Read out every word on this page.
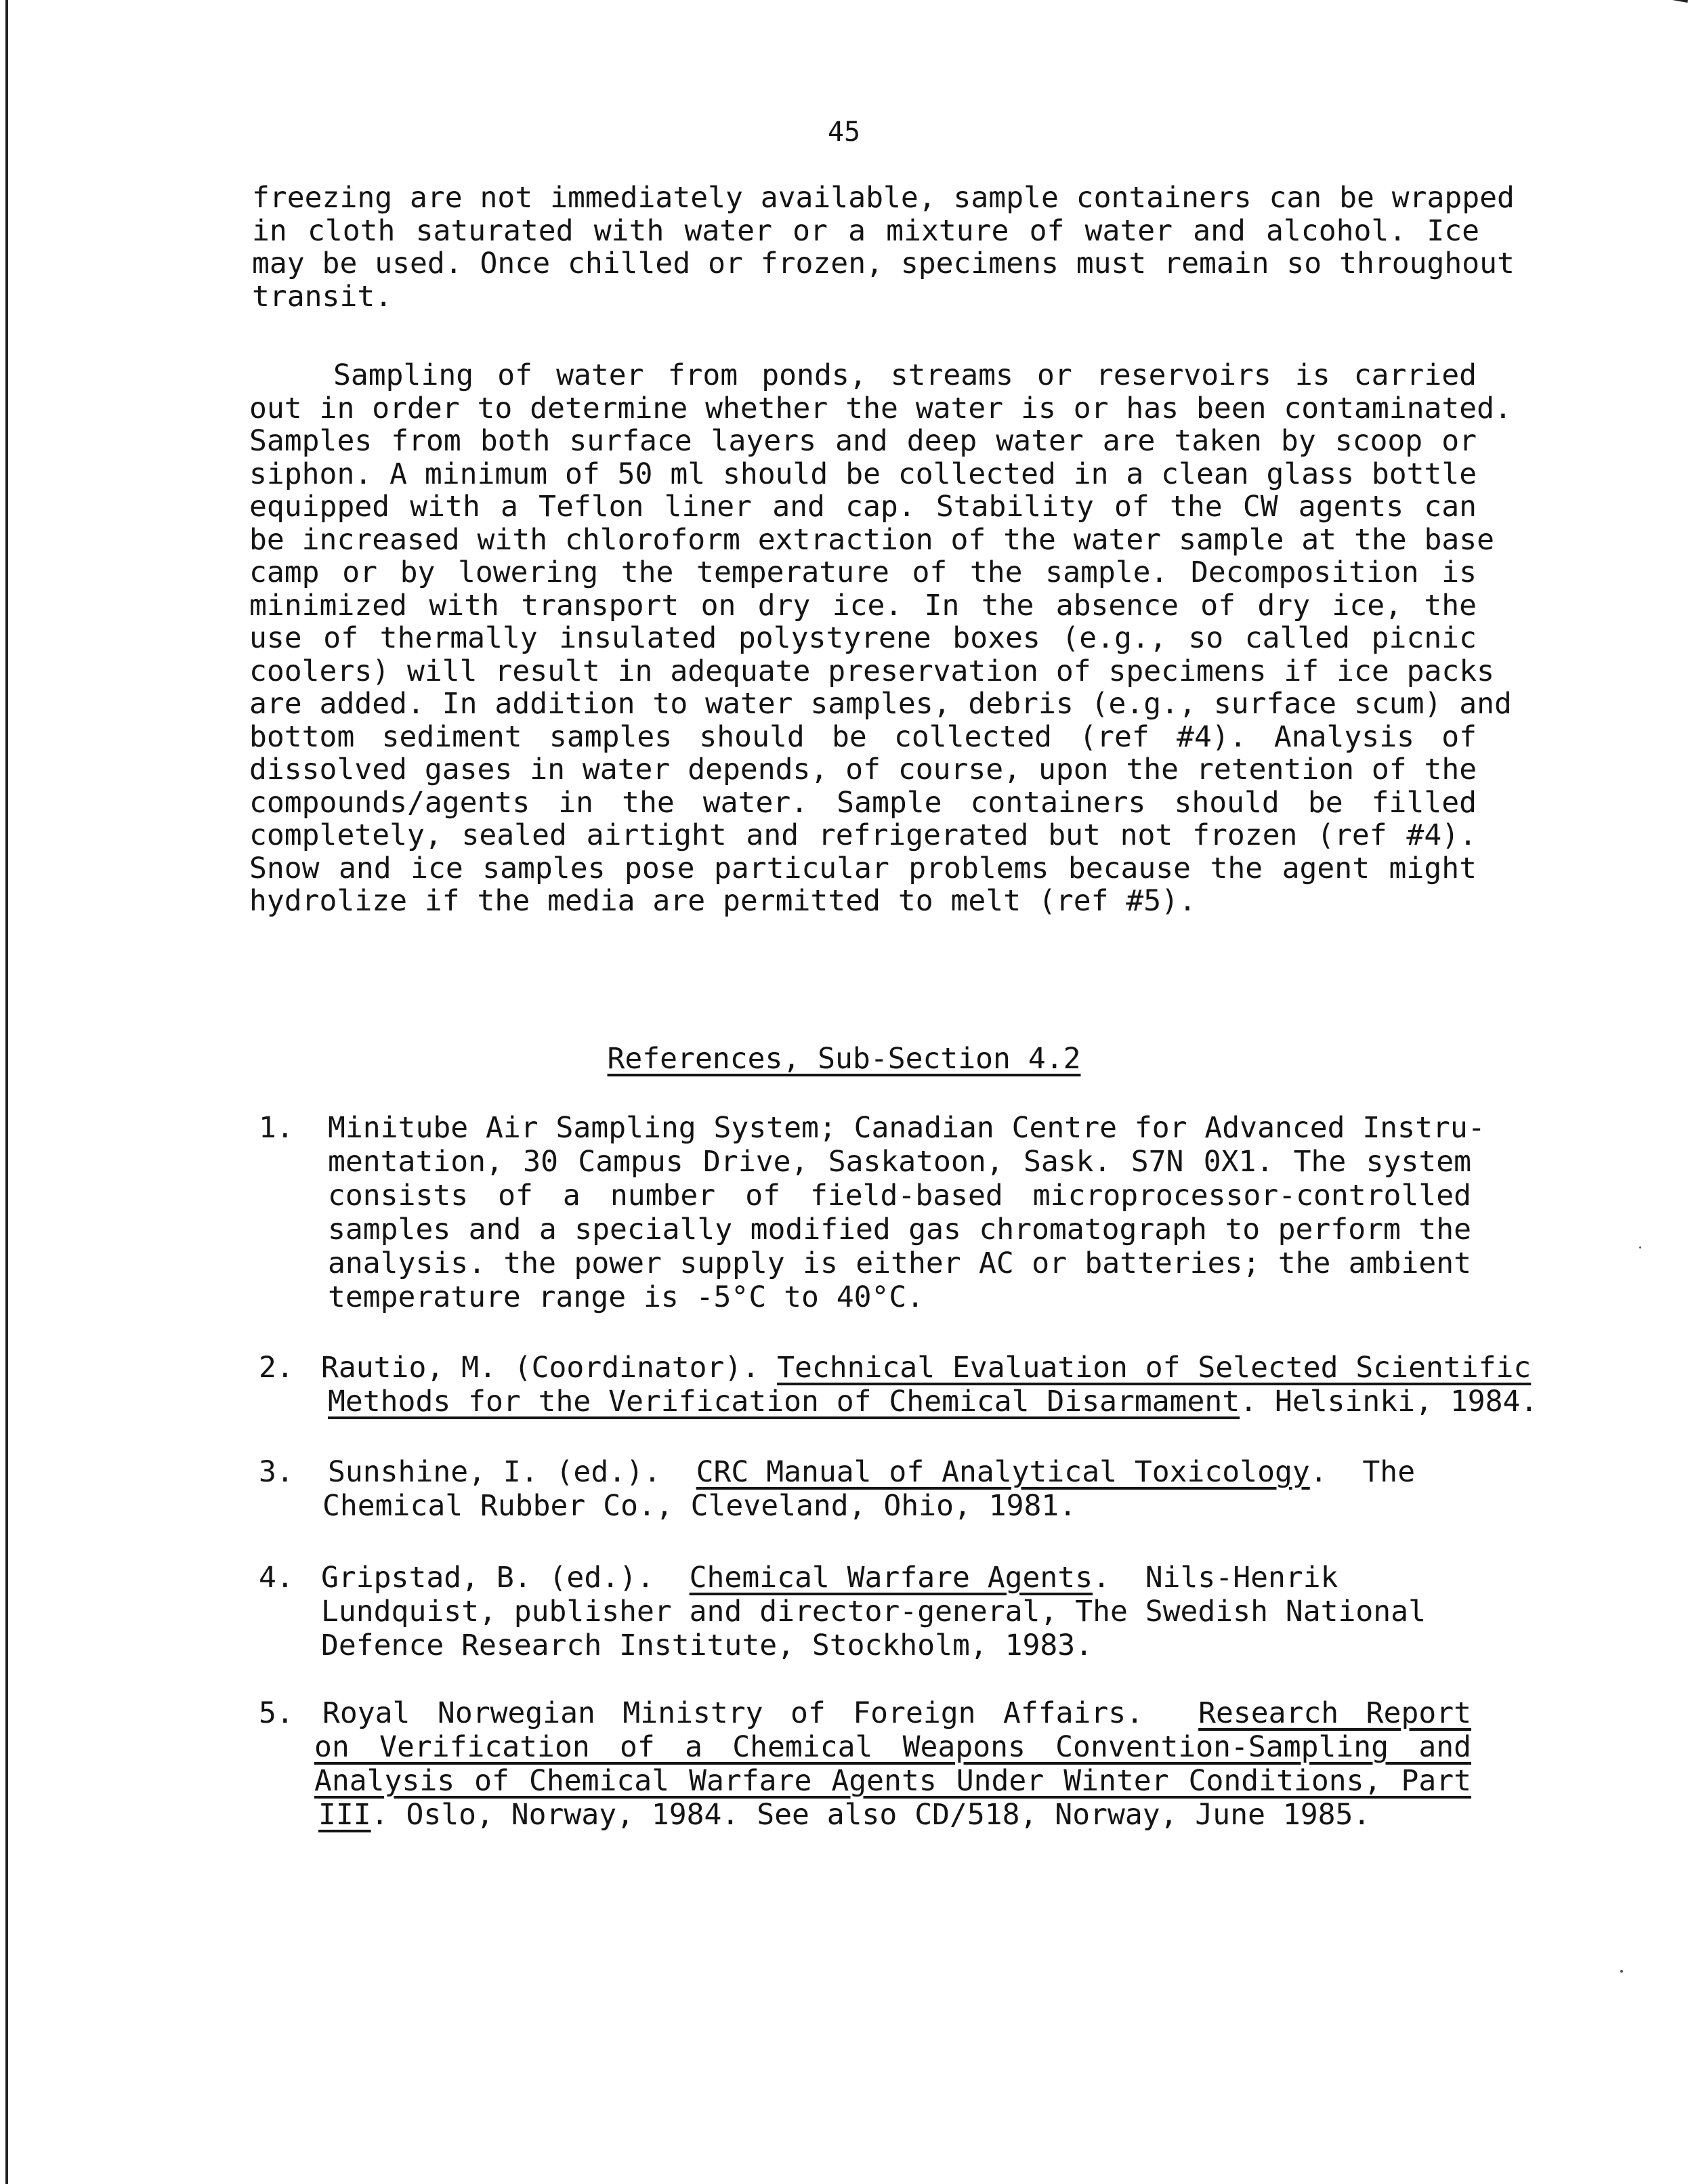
45
freezing are not immediately available, sample containers can be wrapped
in cloth saturated with water or a mixture of water and alcohol. Ice
may be used. Once chilled or frozen, specimens must remain so throughout
transit.
Sampling of water from ponds, streams or reservoirs is carried
out in order to determine whether the water is or has been contaminated.
Samples from both surface layers and deep water are taken by scoop or
siphon. A minimum of 50 ml should be collected in a clean glass bottle
equipped with a Teflon liner and cap. Stability of the CW agents can
be increased with chloroform extraction of the water sample at the base
camp or by lowering the temperature of the sample. Decomposition is
minimized with transport on dry ice. In the absence of dry ice, the
use of thermally insulated polystyrene boxes (e.g., so called picnic
coolers) will result in adequate preservation of specimens if ice packs
are added. In addition to water samples, debris (e.g., surface scum) and
bottom sediment samples should be collected (ref #4). Analysis of
dissolved gases in water depends, of course, upon the retention of the
compounds/agents in the water. Sample containers should be filled
completely, sealed airtight and refrigerated but not frozen (ref #4).
Snow and ice samples pose particular problems because the agent might
hydrolize if the media are permitted to melt (ref #5).
References, Sub-Section 4.2
1. Minitube Air Sampling System; Canadian Centre for Advanced Instru-
mentation, 30 Campus Drive, Saskatoon, Sask. S7N 0X1. The system
consists of a number of field-based microprocessor-controlled
samples and a specially modified gas chromatograph to perform the
analysis. the power supply is either AC or batteries; the ambient
temperature range is -5°C to 40°C.
2. Rautio, M. (Coordinator). Technical Evaluation of Selected Scientific
Methods for the Verification of Chemical Disarmament. Helsinki, 1984.
3. Sunshine, I. (ed.).  CRC Manual of Analytical Toxicology.  The
Chemical Rubber Co., Cleveland, Ohio, 1981.
4. Gripstad, B. (ed.).  Chemical Warfare Agents.  Nils-Henrik
Lundquist, publisher and director-general, The Swedish National
Defence Research Institute, Stockholm, 1983.
5. Royal Norwegian Ministry of Foreign Affairs.  Research Report
on Verification of a Chemical Weapons Convention-Sampling and
Analysis of Chemical Warfare Agents Under Winter Conditions, Part
III. Oslo, Norway, 1984. See also CD/518, Norway, June 1985.
